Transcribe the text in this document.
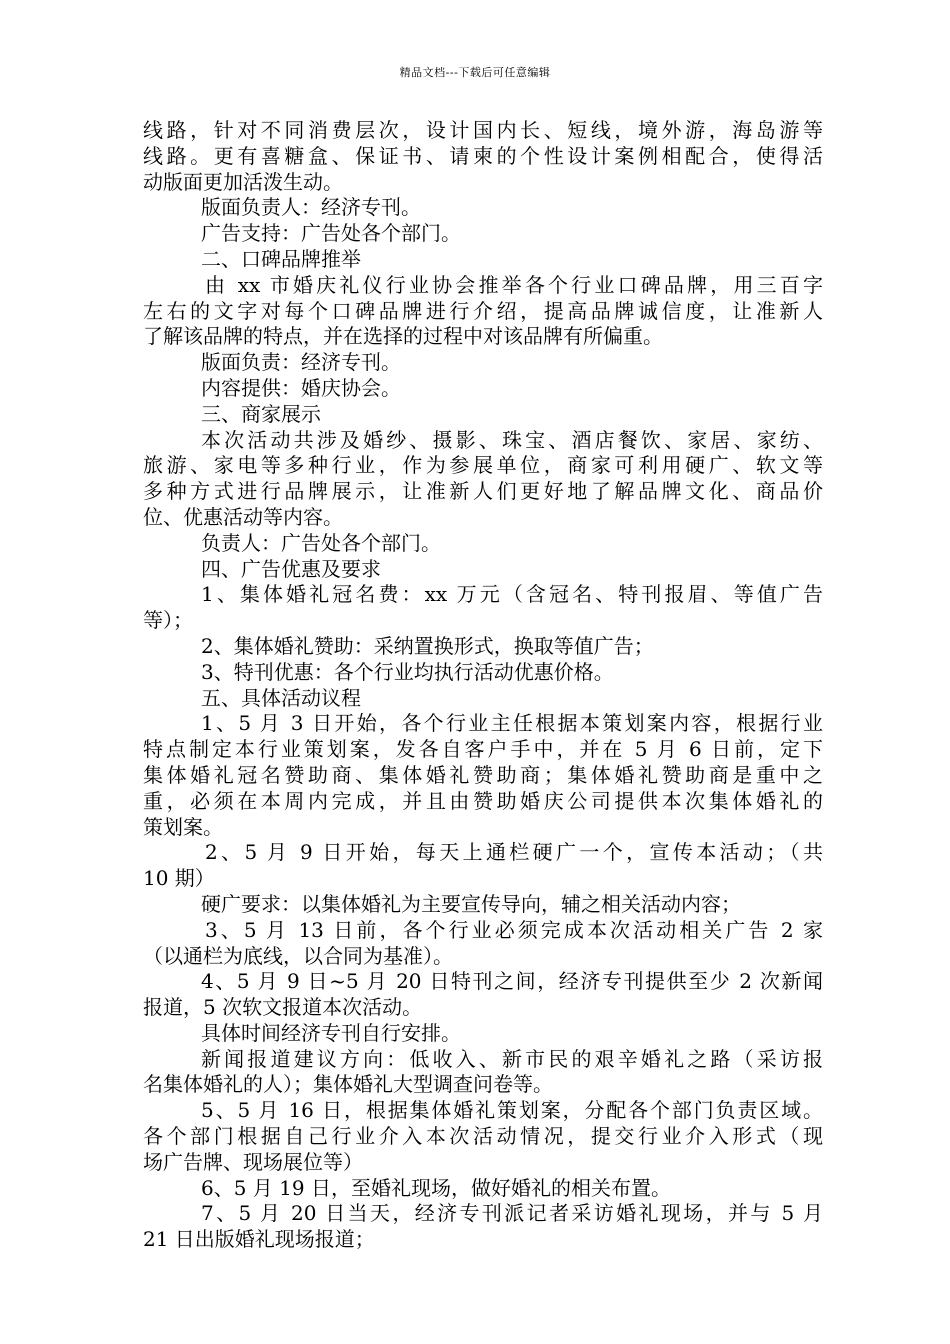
精品文档---下载后可任意编辑
线路，针对不同消费层次，设计国内长、短线，境外游，海岛游等
线路。更有喜糖盒、保证书、请柬的个性设计案例相配合，使得活
动版面更加活泼生动。
版面负责人：经济专刊。
广告支持：广告处各个部门。
二、口碑品牌推举
由 xx 市婚庆礼仪行业协会推举各个行业口碑品牌，用三百字
左右的文字对每个口碑品牌进行介绍，提高品牌诚信度，让准新人
了解该品牌的特点，并在选择的过程中对该品牌有所偏重。
版面负责：经济专刊。
内容提供：婚庆协会。
三、商家展示
本次活动共涉及婚纱、摄影、珠宝、酒店餐饮、家居、家纺、
旅游、家电等多种行业，作为参展单位，商家可利用硬广、软文等
多种方式进行品牌展示，让准新人们更好地了解品牌文化、商品价
位、优惠活动等内容。
负责人：广告处各个部门。
四、广告优惠及要求
1、集体婚礼冠名费：xx 万元（含冠名、特刊报眉、等值广告
等）；
2、集体婚礼赞助：采纳置换形式，换取等值广告；
3、特刊优惠：各个行业均执行活动优惠价格。
五、具体活动议程
1、5 月 3 日开始，各个行业主任根据本策划案内容，根据行业
特点制定本行业策划案，发各自客户手中，并在 5 月 6 日前，定下
集体婚礼冠名赞助商、集体婚礼赞助商；集体婚礼赞助商是重中之
重，必须在本周内完成，并且由赞助婚庆公司提供本次集体婚礼的
策划案。
2、5 月 9 日开始，每天上通栏硬广一个，宣传本活动；（共
10 期）
硬广要求：以集体婚礼为主要宣传导向，辅之相关活动内容；
3、5 月 13 日前，各个行业必须完成本次活动相关广告 2 家
（以通栏为底线，以合同为基准）。
4、5 月 9 日~5 月 20 日特刊之间，经济专刊提供至少 2 次新闻
报道，5 次软文报道本次活动。
具体时间经济专刊自行安排。
新闻报道建议方向：低收入、新市民的艰辛婚礼之路（采访报
名集体婚礼的人）；集体婚礼大型调查问卷等。
5、5 月 16 日，根据集体婚礼策划案，分配各个部门负责区域。
各个部门根据自己行业介入本次活动情况，提交行业介入形式（现
场广告牌、现场展位等）
6、5 月 19 日，至婚礼现场，做好婚礼的相关布置。
7、5 月 20 日当天，经济专刊派记者采访婚礼现场，并与 5 月
21 日出版婚礼现场报道；
